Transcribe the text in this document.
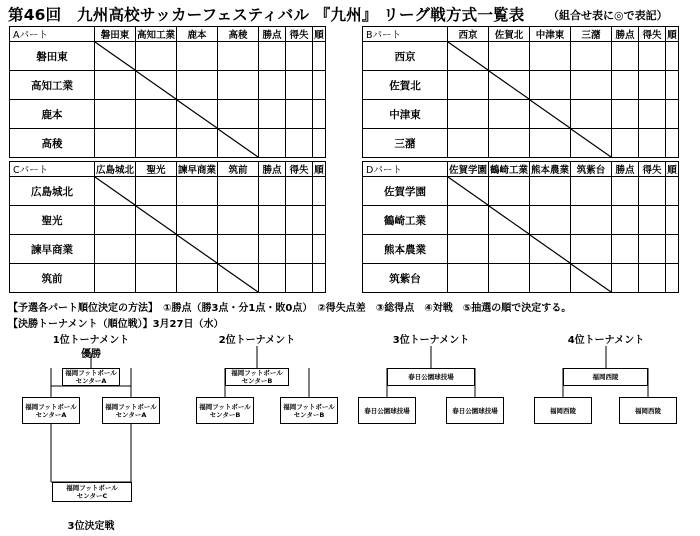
第46回　九州高校サッカーフェスティバル 『九州』 リーグ戦方式一覧表 （組合せ表に◎で表記）
Aパート	磐田東	高知工業	鹿本	高稜	勝点	得失	順
磐田東	

高知工業		

鹿本			

高稜				

Bパート	西京	佐賀北	中津東	三潴	勝点	得失	順
西京	

佐賀北		

中津東			

三潴				

Cパート	広島城北	聖光	諫早商業	筑前	勝点	得失	順
広島城北	

聖光		

諫早商業			

筑前				

Dパート	佐賀学園	鶴崎工業	熊本農業	筑紫台	勝点	得失	順
佐賀学園	

鶴崎工業		

熊本農業			

筑紫台				

【予選各パート順位決定の方法】　①勝点（勝3点・分1点・敗0点）　②得失点差　③総得点　④対戦　⑤抽選の順で決定する。
【決勝トーナメント（順位戦）】3月27日（水）
1位トーナメント
優勝
福岡フットボール
センターA
福岡フットボール
センターA
福岡フットボール
センターA
2位トーナメント
福岡フットボール
センターB
福岡フットボール
センターB
福岡フットボール
センターB
3位トーナメント
春日公園球技場
春日公園球技場	春日公園球技場
4位トーナメント
福岡西陵
福岡西陵	福岡西陵
福岡フットボール
センターC
3位決定戦
